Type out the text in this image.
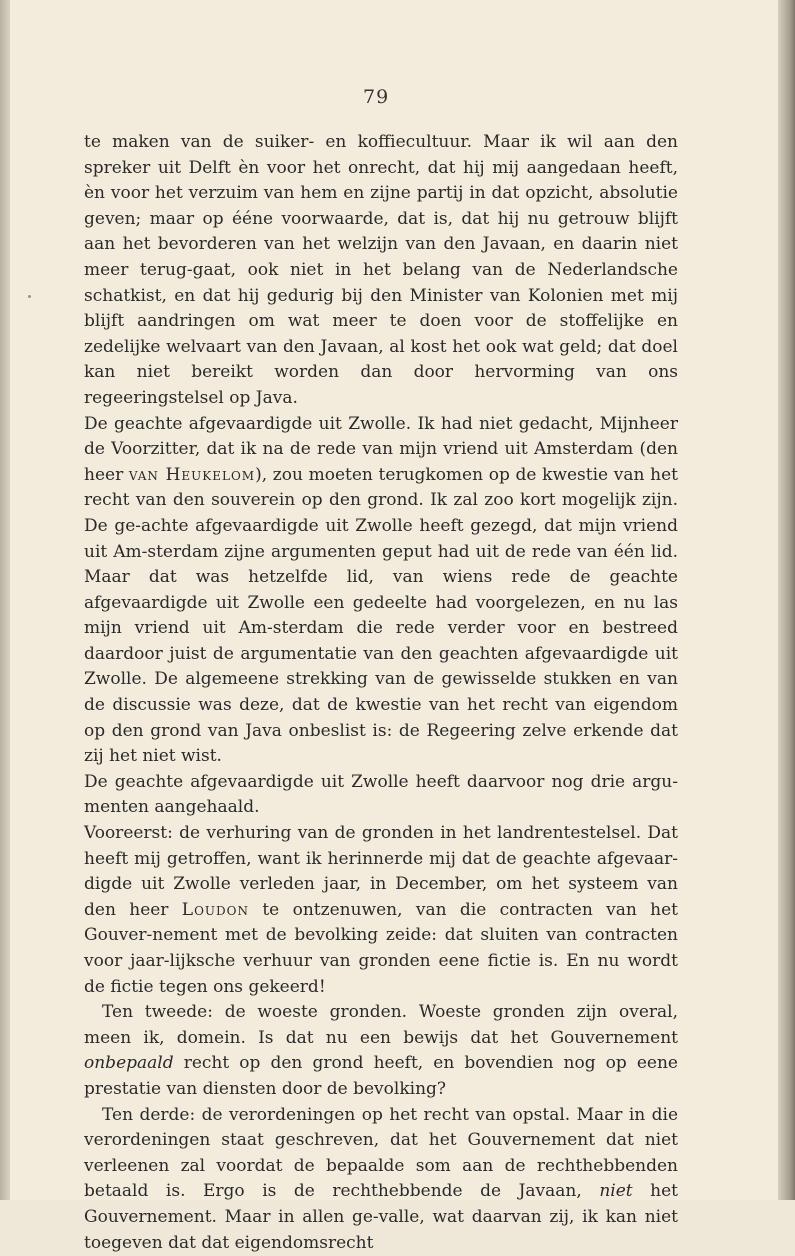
79

te maken van de suiker- en koffiecultuur. Maar ik wil aan den spreker uit Delft èn voor het onrecht, dat hij mij aangedaan heeft, èn voor het verzuim van hem en zijne partij in dat opzicht, absolutie geven; maar op ééne voorwaarde, dat is, dat hij nu getrouw blijft aan het bevorderen van het welzijn van den Javaan, en daarin niet meer terug-gaat, ook niet in het belang van de Nederlandsche schatkist, en dat hij gedurig bij den Minister van Kolonien met mij blijft aandringen om wat meer te doen voor de stoffelijke en zedelijke welvaart van den Javaan, al kost het ook wat geld; dat doel kan niet bereikt worden dan door hervorming van ons regeeringstelsel op Java.

De geachte afgevaardigde uit Zwolle. Ik had niet gedacht, Mijnheer de Voorzitter, dat ik na de rede van mijn vriend uit Amsterdam (den heer van Heukelom), zou moeten terugkomen op de kwestie van het recht van den souverein op den grond. Ik zal zoo kort mogelijk zijn. De ge-achte afgevaardigde uit Zwolle heeft gezegd, dat mijn vriend uit Am-sterdam zijne argumenten geput had uit de rede van één lid. Maar dat was hetzelfde lid, van wiens rede de geachte afgevaardigde uit Zwolle een gedeelte had voorgelezen, en nu las mijn vriend uit Am-sterdam die rede verder voor en bestreed daardoor juist de argumentatie van den geachten afgevaardigde uit Zwolle. De algemeene strekking van de gewisselde stukken en van de discussie was deze, dat de kwestie van het recht van eigendom op den grond van Java onbeslist is: de Regeering zelve erkende dat zij het niet wist.

De geachte afgevaardigde uit Zwolle heeft daarvoor nog drie argu-menten aangehaald.

Vooreerst: de verhuring van de gronden in het landrentestelsel. Dat heeft mij getroffen, want ik herinnerde mij dat de geachte afgevaar-digde uit Zwolle verleden jaar, in December, om het systeem van den heer Loudon te ontzenuwen, van die contracten van het Gouver-nement met de bevolking zeide: dat sluiten van contracten voor jaar-lijksche verhuur van gronden eene fictie is. En nu wordt de fictie tegen ons gekeerd!

Ten tweede: de woeste gronden. Woeste gronden zijn overal, meen ik, domein. Is dat nu een bewijs dat het Gouvernement onbepaald recht op den grond heeft, en bovendien nog op eene prestatie van diensten door de bevolking?

Ten derde: de verordeningen op het recht van opstal. Maar in die verordeningen staat geschreven, dat het Gouvernement dat niet verleenen zal voordat de bepaalde som aan de rechthebbenden betaald is. Ergo is de rechthebbende de Javaan, niet het Gouvernement. Maar in allen ge-valle, wat daarvan zij, ik kan niet toegeven dat dat eigendomsrecht
